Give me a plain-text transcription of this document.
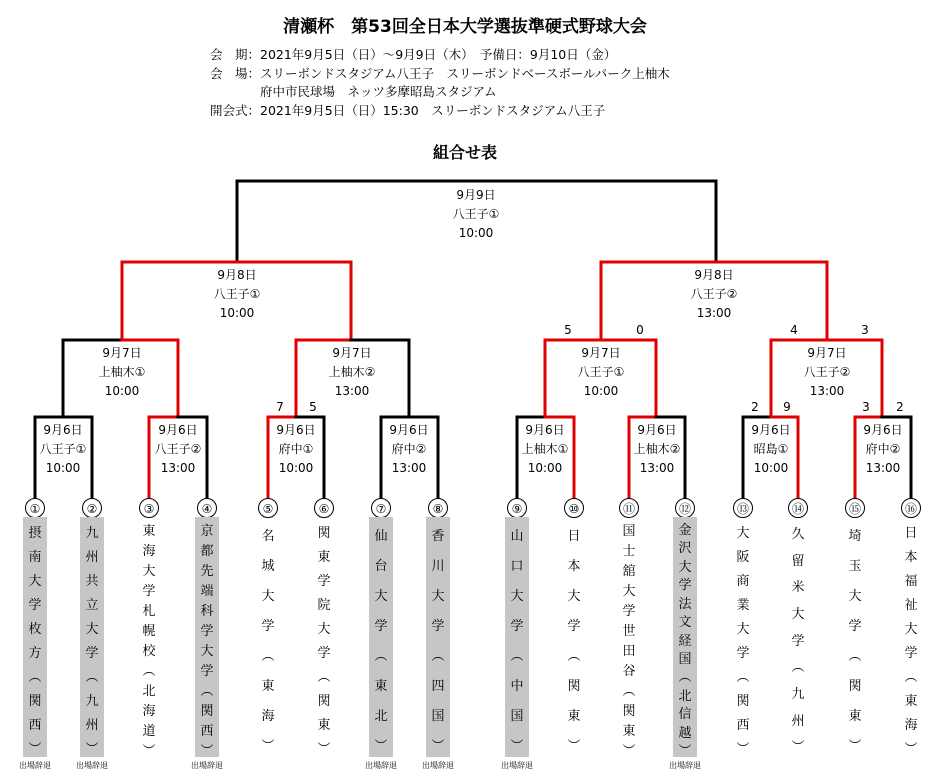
清瀬杯　第53回全日本大学選抜準硬式野球大会
会　期：2021年9月5日（日）～9月9日（木）　予備日：9月10日（金）
会　場：スリーボンドスタジアム八王子　スリーボンドベースボールパーク上柚木
　　　　府中市民球場　ネッツ多摩昭島スタジアム
開会式：2021年9月5日（日）15:30　スリーボンドスタジアム八王子
組合せ表
9月9日
八王子①
10:00
9月8日
八王子①
10:00
9月8日
八王子②
13:00
9月7日
上柚木①
10:00
9月7日
上柚木②
13:00
9月7日
八王子①
10:00
9月7日
八王子②
13:00
9月6日
八王子①
10:00
9月6日
八王子②
13:00
9月6日
府中①
10:00
9月6日
府中②
13:00
9月6日
上柚木①
10:00
9月6日
上柚木②
13:00
9月6日
昭島①
10:00
9月6日
府中②
13:00
7 5	2 9	3 2
5	0	4	3
①
摂
南
大
学
枚
方
︵
関
西
︶
出場辞退
②
九
州
共
立
大
学
︵
九
州
︶
出場辞退
③
東
海
大
学
札
幌
校
︵
北
海
道
︶
④
京
都
先
端
科
学
大
学
︵
関
西
︶
出場辞退
⑤
名
城
大
学
︵
東
海
︶
⑥
関
東
学
院
大
学
︵
関
東
︶
⑦
仙
台
大
学
︵
東
北
︶
出場辞退
⑧
香
川
大
学
︵
四
国
︶
出場辞退
⑨
山
口
大
学
︵
中
国
︶
出場辞退
⑩
日
本
大
学
︵
関
東
︶
⑪
国
士
舘
大
学
世
田
谷
︵
関
東
︶
⑫
金
沢
大
学
法
文
経
国
︵
北
信
越
︶
出場辞退
⑬
大
阪
商
業
大
学
︵
関
西
︶
⑭
久
留
米
大
学
︵
九
州
︶
⑮
埼
玉
大
学
︵
関
東
︶
⑯
日
本
福
祉
大
学
︵
東
海
︶
